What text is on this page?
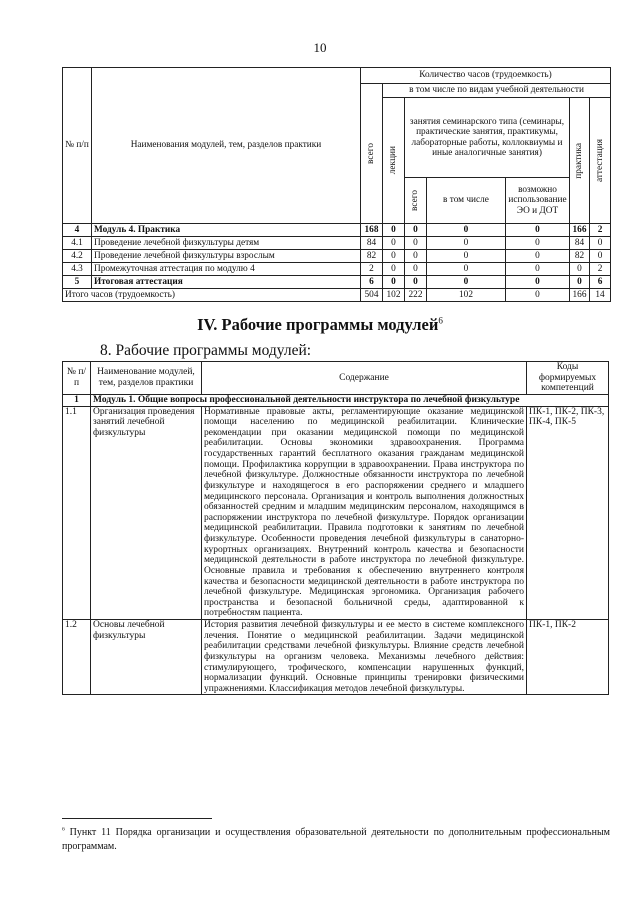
10
№ п/п	Наименования модулей, тем, разделов практики	Количество часов (трудоемкость)						

		всего	в том числе по видам учебной деятельности					

			лекции	занятия семинарского типа (семинары, практические занятия, практикумы, лабораторные работы, коллоквиумы и иные аналогичные занятия)			практика	аттестация

				всего	в том числе	возможно использование ЭО и ДОТ		
4	Модуль 4. Практика	168	0	0	0	0	166	2
4.1	Проведение лечебной физкультуры детям	84	0	0	0	0	84	0
4.2	Проведение лечебной физкультуры взрослым	82	0	0	0	0	82	0
4.3	Промежуточная аттестация по модулю 4	2	0	0	0	0	0	2
5	Итоговая аттестация	6	0	0	0	0	0	6
Итого часов (трудоемкость)		504	102	222	102	0	166	14
IV. Рабочие программы модулей$^6$
8. Рабочие программы модулей:
№ п/п	Наименование модулей, тем, разделов практики	Содержание	Коды формируемых компетенций
1	Модуль 1. Общие вопросы профессиональной деятельности инструктора по лечебной физкультуре		
1.1	Организация проведения занятий лечебной физкультуры	Нормативные правовые акты, регламентирующие оказание медицинской помощи населению по медицинской реабилитации. Клинические рекомендации при оказании медицинской помощи по медицинской реабилитации. Основы экономики здравоохранения. Программа государственных гарантий бесплатного оказания гражданам медицинской помощи. Профилактика коррупции в здравоохранении. Права инструктора по лечебной физкультуре. Должностные обязанности инструктора по лечебной физкультуре и находящегося в его распоряжении среднего и младшего медицинского персонала. Организация и контроль выполнения должностных обязанностей средним и младшим медицинским персоналом, находящимся в распоряжении инструктора по лечебной физкультуре. Порядок организации медицинской реабилитации. Правила подготовки к занятиям по лечебной физкультуре. Особенности проведения лечебной физкультуры в санаторно-курортных организациях. Внутренний контроль качества и безопасности медицинской деятельности в работе инструктора по лечебной физкультуре. Основные правила и требования к обеспечению внутреннего контроля качества и безопасности медицинской деятельности в работе инструктора по лечебной физкультуре. Медицинская эргономика. Организация рабочего пространства и безопасной больничной среды, адаптированной к потребностям пациента.	ПК-1, ПК-2, ПК-3, ПК-4, ПК-5
1.2	Основы лечебной физкультуры	История развития лечебной физкультуры и ее место в системе комплексного лечения. Понятие о медицинской реабилитации. Задачи медицинской реабилитации средствами лечебной физкультуры. Влияние средств лечебной физкультуры на организм человека. Механизмы лечебного действия: стимулирующего, трофического, компенсации нарушенных функций, нормализации функций. Основные принципы тренировки физическими упражнениями. Классификация методов лечебной физкультуры.	ПК-1, ПК-2
$^6$ Пункт 11 Порядка организации и осуществления образовательной деятельности по дополнительным профессиональным программам.
